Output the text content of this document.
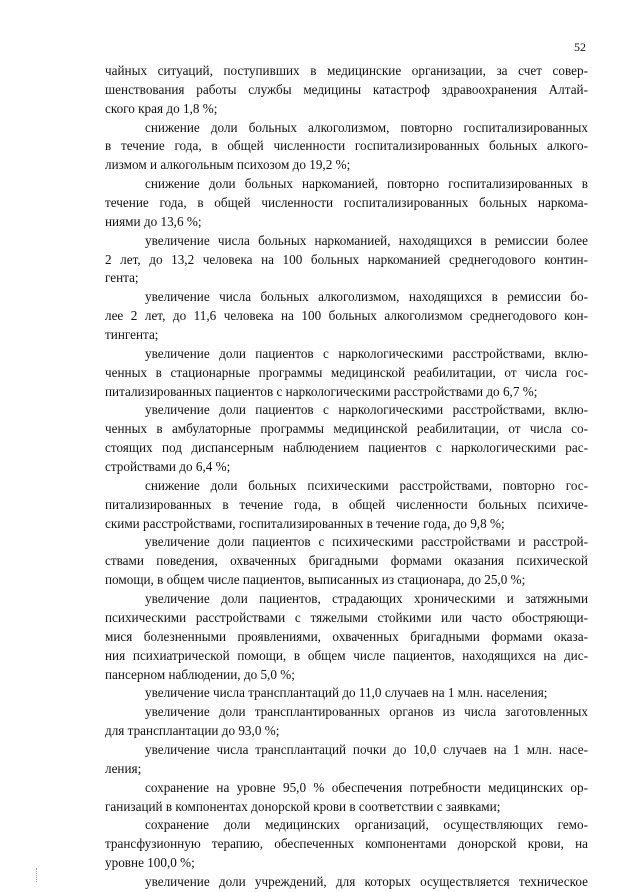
52
чайных ситуаций, поступивших в медицинские организации, за счет совер-
шенствования работы службы медицины катастроф здравоохранения Алтай-
ского края до 1,8 %;
снижение доли больных алкоголизмом, повторно госпитализированных
в течение года, в общей численности госпитализированных больных алкого-
лизмом и алкогольным психозом до 19,2 %;
снижение доли больных наркоманией, повторно госпитализированных в
течение года, в общей численности госпитализированных больных наркома-
ниями до 13,6 %;
увеличение числа больных наркоманией, находящихся в ремиссии более
2 лет, до 13,2 человека на 100 больных наркоманией среднегодового контин-
гента;
увеличение числа больных алкоголизмом, находящихся в ремиссии бо-
лее 2 лет, до 11,6 человека на 100 больных алкоголизмом среднегодового кон-
тингента;
увеличение доли пациентов с наркологическими расстройствами, вклю-
ченных в стационарные программы медицинской реабилитации, от числа гос-
питализированных пациентов с наркологическими расстройствами до 6,7 %;
увеличение доли пациентов с наркологическими расстройствами, вклю-
ченных в амбулаторные программы медицинской реабилитации, от числа со-
стоящих под диспансерным наблюдением пациентов с наркологическими рас-
стройствами до 6,4 %;
снижение доли больных психическими расстройствами, повторно гос-
питализированных в течение года, в общей численности больных психиче-
скими расстройствами, госпитализированных в течение года, до 9,8 %;
увеличение доли пациентов с психическими расстройствами и расстрой-
ствами поведения, охваченных бригадными формами оказания психической
помощи, в общем числе пациентов, выписанных из стационара, до 25,0 %;
увеличение доли пациентов, страдающих хроническими и затяжными
психическими расстройствами с тяжелыми стойкими или часто обостряющи-
мися болезненными проявлениями, охваченных бригадными формами оказа-
ния психиатрической помощи, в общем числе пациентов, находящихся на дис-
пансерном наблюдении, до 5,0 %;
увеличение числа трансплантаций до 11,0 случаев на 1 млн. населения;
увеличение доли трансплантированных органов из числа заготовленных
для трансплантации до 93,0 %;
увеличение числа трансплантаций почки до 10,0 случаев на 1 млн. насе-
ления;
сохранение на уровне 95,0 % обеспечения потребности медицинских ор-
ганизаций в компонентах донорской крови в соответствии с заявками;
сохранение доли медицинских организаций, осуществляющих гемо-
трансфузионную терапию, обеспеченных компонентами донорской крови, на
уровне 100,0 %;
увеличение доли учреждений, для которых осуществляется техническое
